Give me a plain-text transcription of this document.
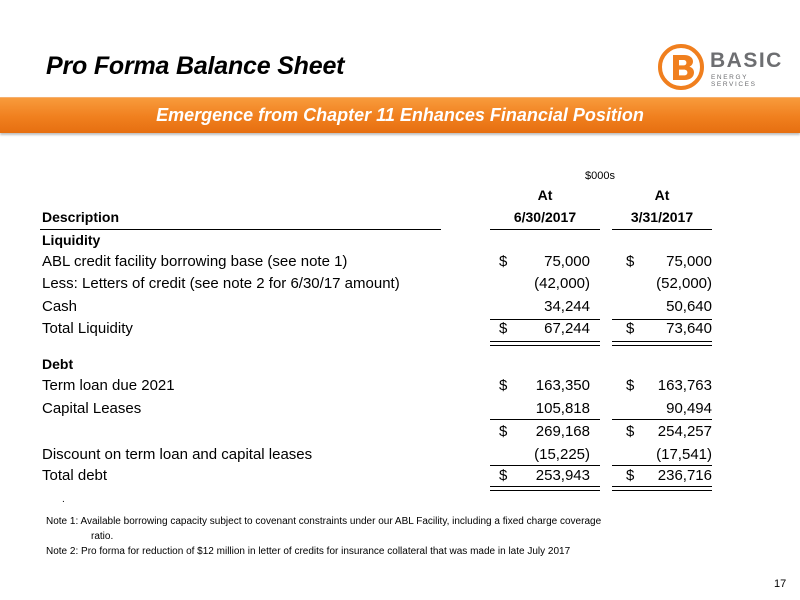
Pro Forma Balance Sheet	BASIC
ENERGY SERVICES
Emergence from Chapter 11 Enhances Financial Position
$000s
At	At
Description	6/30/2017	3/31/2017
Liquidity
ABL credit facility borrowing base (see note 1)	$	75,000 $	75,000
Less: Letters of credit (see note 2 for 6/30/17 amount)	(42,000)	(52,000)
Cash	34,244	50,640
Total Liquidity	$	67,244 $	73,640
Debt
Term loan due 2021	$	163,350 $	163,763
Capital Leases	105,818	90,494
$	269,168 $	254,257
Discount on term loan and capital leases	(15,225)	(17,541)
Total debt	$	253,943 $	236,716
.
Note 1: Available borrowing capacity subject to covenant constraints under our ABL Facility, including a fixed charge coverage
ratio.
Note 2: Pro forma for reduction of $12 million in letter of credits for insurance collateral that was made in late July 2017
17
